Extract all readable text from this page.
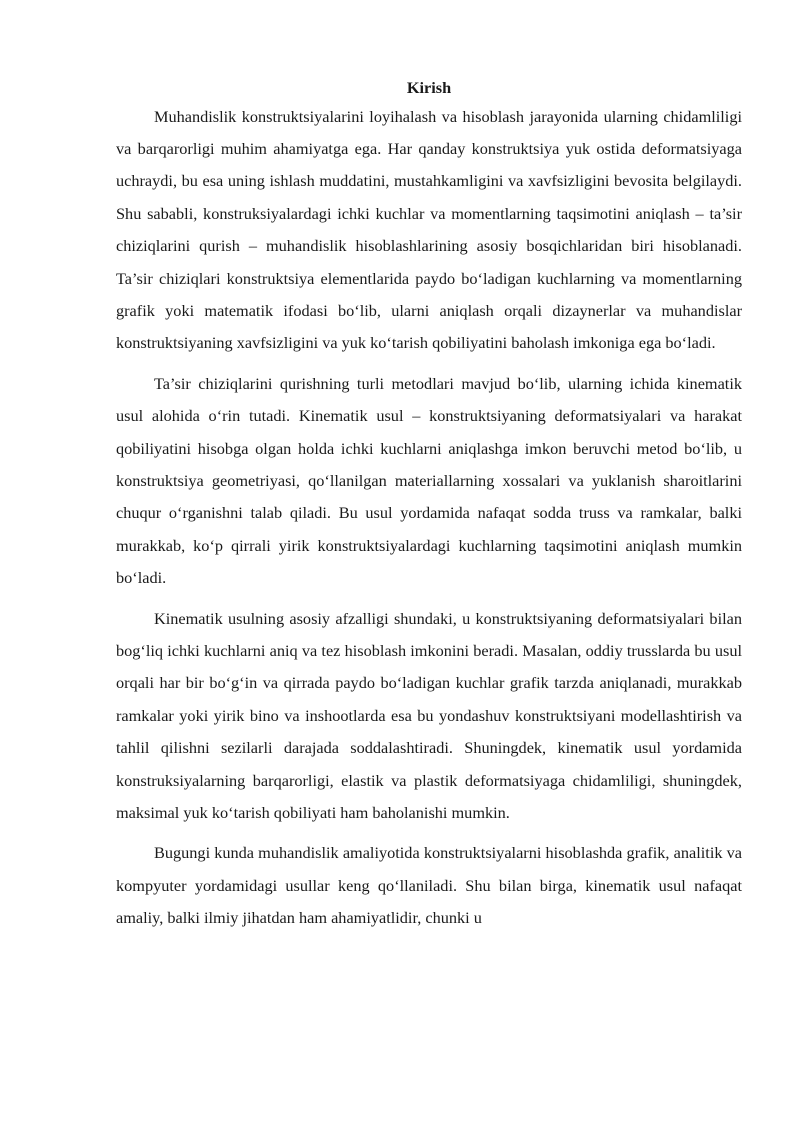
Kirish

Muhandislik konstruktsiyalarini loyihalash va hisoblash jarayonida ularning chidamliligi va barqarorligi muhim ahamiyatga ega. Har qanday konstruktsiya yuk ostida deformatsiyaga uchraydi, bu esa uning ishlash muddatini, mustahkamligini va xavfsizligini bevosita belgilaydi. Shu sababli, konstruksiyalardagi ichki kuchlar va momentlarning taqsimotini aniqlash – ta’sir chiziqlarini qurish – muhandislik hisoblashlarining asosiy bosqichlaridan biri hisoblanadi. Ta’sir chiziqlari konstruktsiya elementlarida paydo bo‘ladigan kuchlarning va momentlarning grafik yoki matematik ifodasi bo‘lib, ularni aniqlash orqali dizaynerlar va muhandislar konstruktsiyaning xavfsizligini va yuk ko‘tarish qobiliyatini baholash imkoniga ega bo‘ladi.

Ta’sir chiziqlarini qurishning turli metodlari mavjud bo‘lib, ularning ichida kinematik usul alohida o‘rin tutadi. Kinematik usul – konstruktsiyaning deformatsiyalari va harakat qobiliyatini hisobga olgan holda ichki kuchlarni aniqlashga imkon beruvchi metod bo‘lib, u konstruktsiya geometriyasi, qo‘llanilgan materiallarning xossalari va yuklanish sharoitlarini chuqur o‘rganishni talab qiladi. Bu usul yordamida nafaqat sodda truss va ramkalar, balki murakkab, ko‘p qirrali yirik konstruktsiyalardagi kuchlarning taqsimotini aniqlash mumkin bo‘ladi.

Kinematik usulning asosiy afzalligi shundaki, u konstruktsiyaning deformatsiyalari bilan bog‘liq ichki kuchlarni aniq va tez hisoblash imkonini beradi. Masalan, oddiy trusslarda bu usul orqali har bir bo‘g‘in va qirrada paydo bo‘ladigan kuchlar grafik tarzda aniqlanadi, murakkab ramkalar yoki yirik bino va inshootlarda esa bu yondashuv konstruktsiyani modellashtirish va tahlil qilishni sezilarli darajada soddalashtiradi. Shuningdek, kinematik usul yordamida konstruksiyalarning barqarorligi, elastik va plastik deformatsiyaga chidamliligi, shuningdek, maksimal yuk ko‘tarish qobiliyati ham baholanishi mumkin.

Bugungi kunda muhandislik amaliyotida konstruktsiyalarni hisoblashda grafik, analitik va kompyuter yordamidagi usullar keng qo‘llaniladi. Shu bilan birga, kinematik usul nafaqat amaliy, balki ilmiy jihatdan ham ahamiyatlidir, chunki u
